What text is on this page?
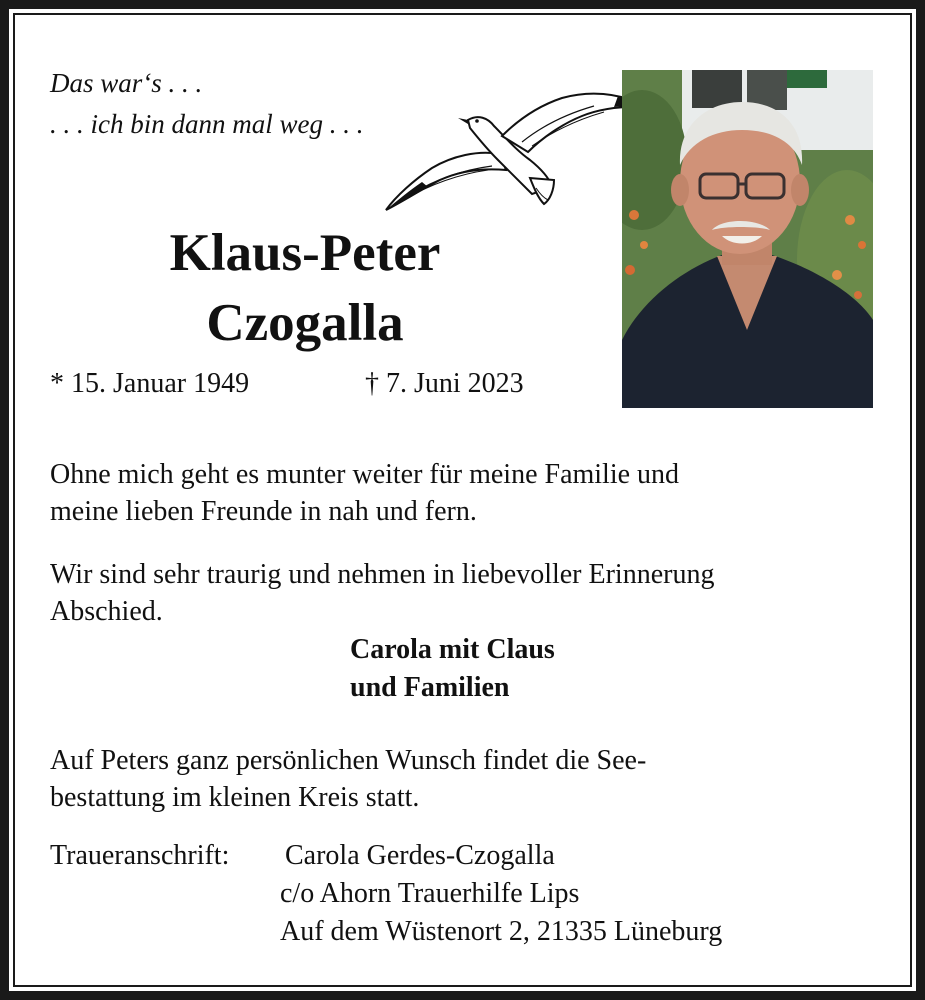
Das war‘s . . .
. . . ich bin dann mal weg . . .
Klaus-Peter
Czogalla
* 15. Januar 1949	† 7. Juni 2023
Ohne mich geht es munter weiter für meine Familie und
meine lieben Freunde in nah und fern.
Wir sind sehr traurig und nehmen in liebevoller Erinnerung
Abschied.
Carola mit Claus
und Familien
Auf Peters ganz persönlichen Wunsch findet die See-
bestattung im kleinen Kreis statt.
Traueranschrift: Carola Gerdes-Czogalla
c/o Ahorn Trauerhilfe Lips
Auf dem Wüstenort 2, 21335 Lüneburg
